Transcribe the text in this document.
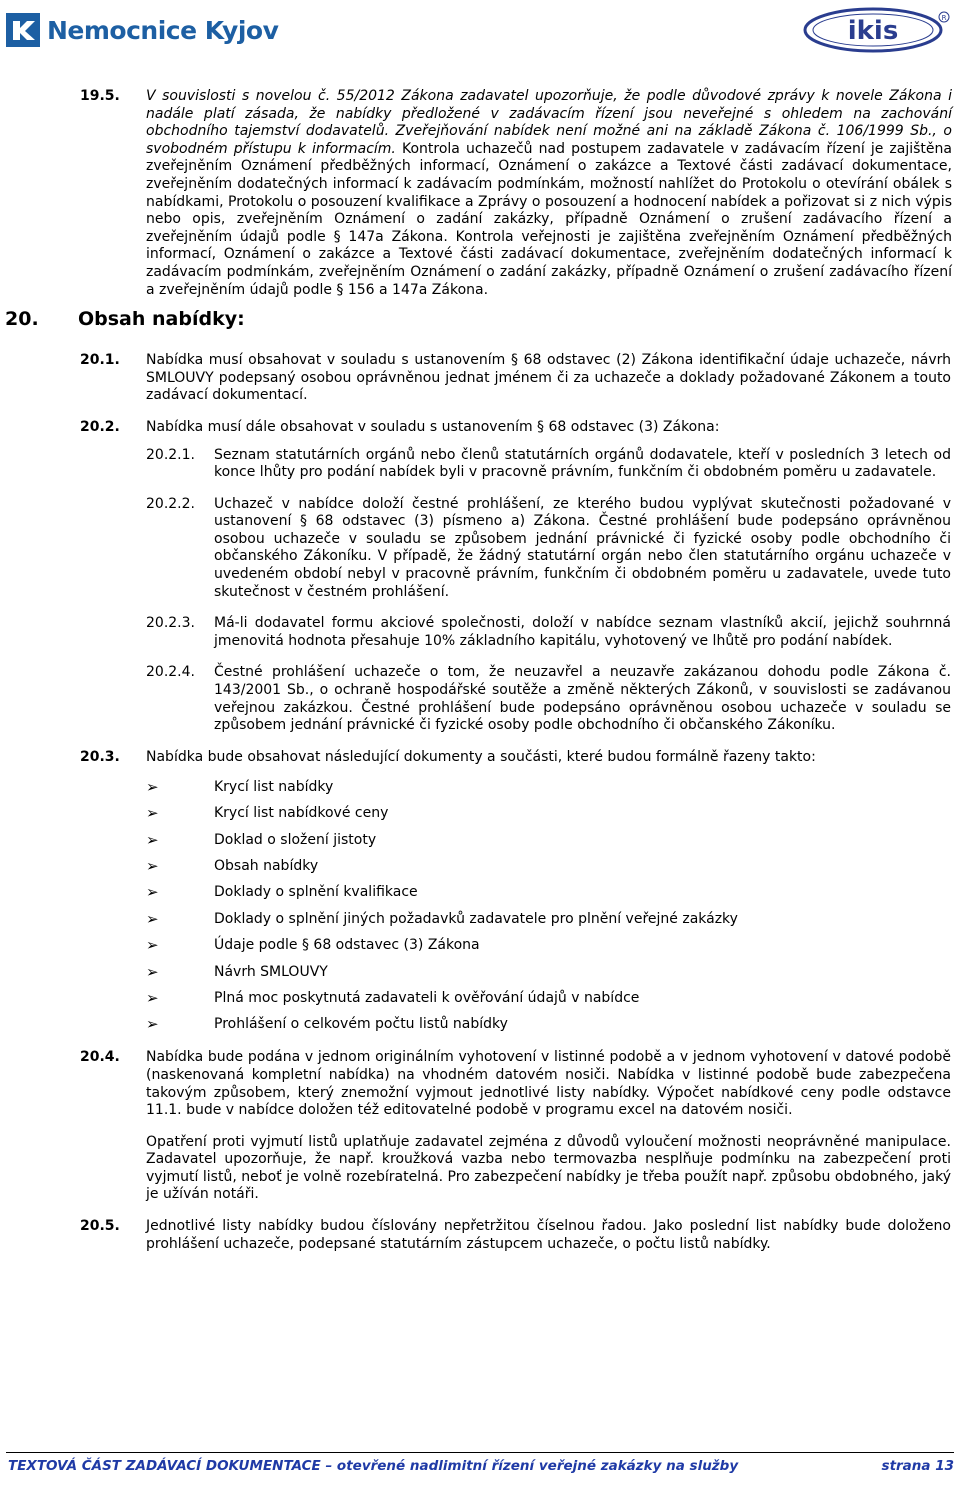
Nemocnice Kyjov	ikis	R
19.5.	V souvislosti s novelou č. 55/2012 Zákona zadavatel upozorňuje, že podle důvodové zprávy k novele Zákona i nadále platí zásada, že nabídky předložené v zadávacím řízení jsou neveřejné s ohledem na zachování obchodního tajemství dodavatelů. Zveřejňování nabídek není možné ani na základě Zákona č. 106/1999 Sb., o svobodném přístupu k informacím. Kontrola uchazečů nad postupem zadavatele v zadávacím řízení je zajištěna zveřejněním Oznámení předběžných informací, Oznámení o zakázce a Textové části zadávací dokumentace, zveřejněním dodatečných informací k zadávacím podmínkám, možností nahlížet do Protokolu o otevírání obálek s nabídkami, Protokolu o posouzení kvalifikace a Zprávy o posouzení a hodnocení nabídek a pořizovat si z nich výpis nebo opis, zveřejněním Oznámení o zadání zakázky, případně Oznámení o zrušení zadávacího řízení a zveřejněním údajů podle § 147a Zákona. Kontrola veřejnosti je zajištěna zveřejněním Oznámení předběžných informací, Oznámení o zakázce a Textové části zadávací dokumentace, zveřejněním dodatečných informací k zadávacím podmínkám, zveřejněním Oznámení o zadání zakázky, případně Oznámení o zrušení zadávacího řízení a zveřejněním údajů podle § 156 a 147a Zákona.

20. Obsah nabídky:
20.1.	Nabídka musí obsahovat v souladu s ustanovením § 68 odstavec (2) Zákona identifikační údaje uchazeče, návrh SMLOUVY podepsaný osobou oprávněnou jednat jménem či za uchazeče a doklady požadované Zákonem a touto zadávací dokumentací.

20.2.	Nabídka musí dále obsahovat v souladu s ustanovením § 68 odstavec (3) Zákona:

20.2.1.	Seznam statutárních orgánů nebo členů statutárních orgánů dodavatele, kteří v posledních 3 letech od konce lhůty pro podání nabídek byli v pracovně právním, funkčním či obdobném poměru u zadavatele.

20.2.2.	Uchazeč v nabídce doloží čestné prohlášení, ze kterého budou vyplývat skutečnosti požadované v ustanovení § 68 odstavec (3) písmeno a) Zákona. Čestné prohlášení bude podepsáno oprávněnou osobou uchazeče v souladu se způsobem jednání právnické či fyzické osoby podle obchodního či občanského Zákoníku. V případě, že žádný statutární orgán nebo člen statutárního orgánu uchazeče v uvedeném období nebyl v pracovně právním, funkčním či obdobném poměru u zadavatele, uvede tuto skutečnost v čestném prohlášení.

20.2.3.	Má-li dodavatel formu akciové společnosti, doloží v nabídce seznam vlastníků akcií, jejichž souhrnná jmenovitá hodnota přesahuje 10% základního kapitálu, vyhotovený ve lhůtě pro podání nabídek.

20.2.4.	Čestné prohlášení uchazeče o tom, že neuzavřel a neuzavře zakázanou dohodu podle Zákona č. 143/2001 Sb., o ochraně hospodářské soutěže a změně některých Zákonů, v souvislosti se zadávanou veřejnou zakázkou. Čestné prohlášení bude podepsáno oprávněnou osobou uchazeče v souladu se způsobem jednání právnické či fyzické osoby podle obchodního či občanského Zákoníku.

20.3.	Nabídka bude obsahovat následující dokumenty a součásti, které budou formálně řazeny takto:

➢	Krycí list nabídky
➢	Krycí list nabídkové ceny
➢	Doklad o složení jistoty
➢	Obsah nabídky
➢	Doklady o splnění kvalifikace
➢	Doklady o splnění jiných požadavků zadavatele pro plnění veřejné zakázky
➢	Údaje podle § 68 odstavec (3) Zákona
➢	Návrh SMLOUVY
➢	Plná moc poskytnutá zadavateli k ověřování údajů v nabídce
➢	Prohlášení o celkovém počtu listů nabídky
20.4.	Nabídka bude podána v jednom originálním vyhotovení v listinné podobě a v jednom vyhotovení v datové podobě (naskenovaná kompletní nabídka) na vhodném datovém nosiči. Nabídka v listinné podobě bude zabezpečena takovým způsobem, který znemožní vyjmout jednotlivé listy nabídky. Výpočet nabídkové ceny podle odstavce 11.1. bude v nabídce doložen též editovatelné podobě v programu excel na datovém nosiči.

Opatření proti vyjmutí listů uplatňuje zadavatel zejména z důvodů vyloučení možnosti neoprávněné manipulace. Zadavatel upozorňuje, že např. kroužková vazba nebo termovazba nesplňuje podmínku na zabezpečení proti vyjmutí listů, neboť je volně rozebíratelná. Pro zabezpečení nabídky je třeba použít např. způsobu obdobného, jaký je užíván notáři.

20.5.	Jednotlivé listy nabídky budou číslovány nepřetržitou číselnou řadou. Jako poslední list nabídky bude doloženo prohlášení uchazeče, podepsané statutárním zástupcem uchazeče, o počtu listů nabídky.

TEXTOVÁ ČÁST ZADÁVACÍ DOKUMENTACE – otevřené nadlimitní řízení veřejné zakázky na služby	strana 13
